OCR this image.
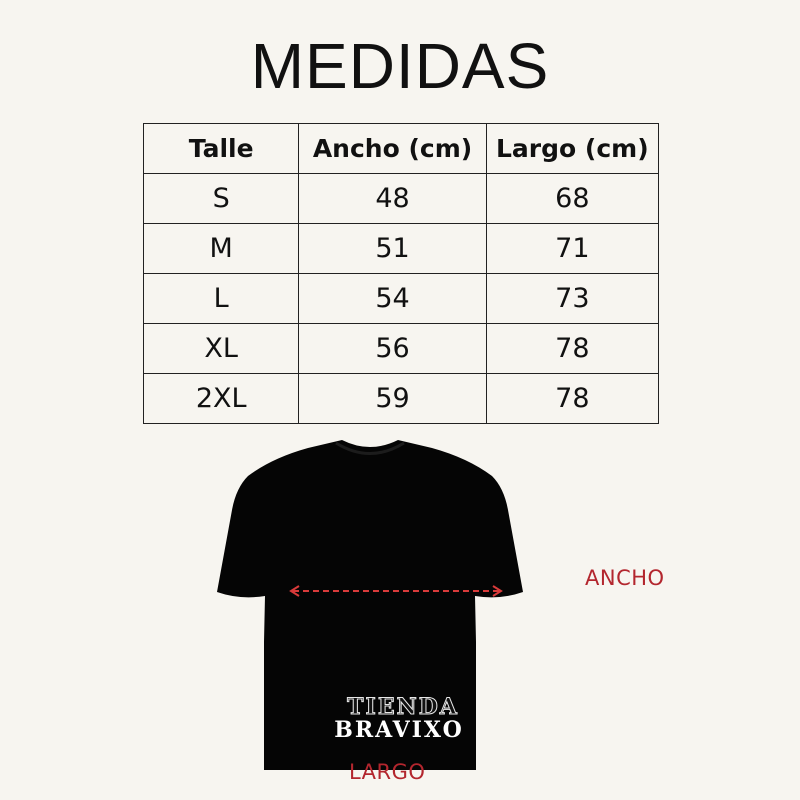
MEDIDAS
Talle	Ancho (cm)	Largo (cm)
S	48	68
M	51	71
L	54	73
XL	56	78
2XL	59	78
TIENDA
BRAVIXO
ANCHO
LARGO
